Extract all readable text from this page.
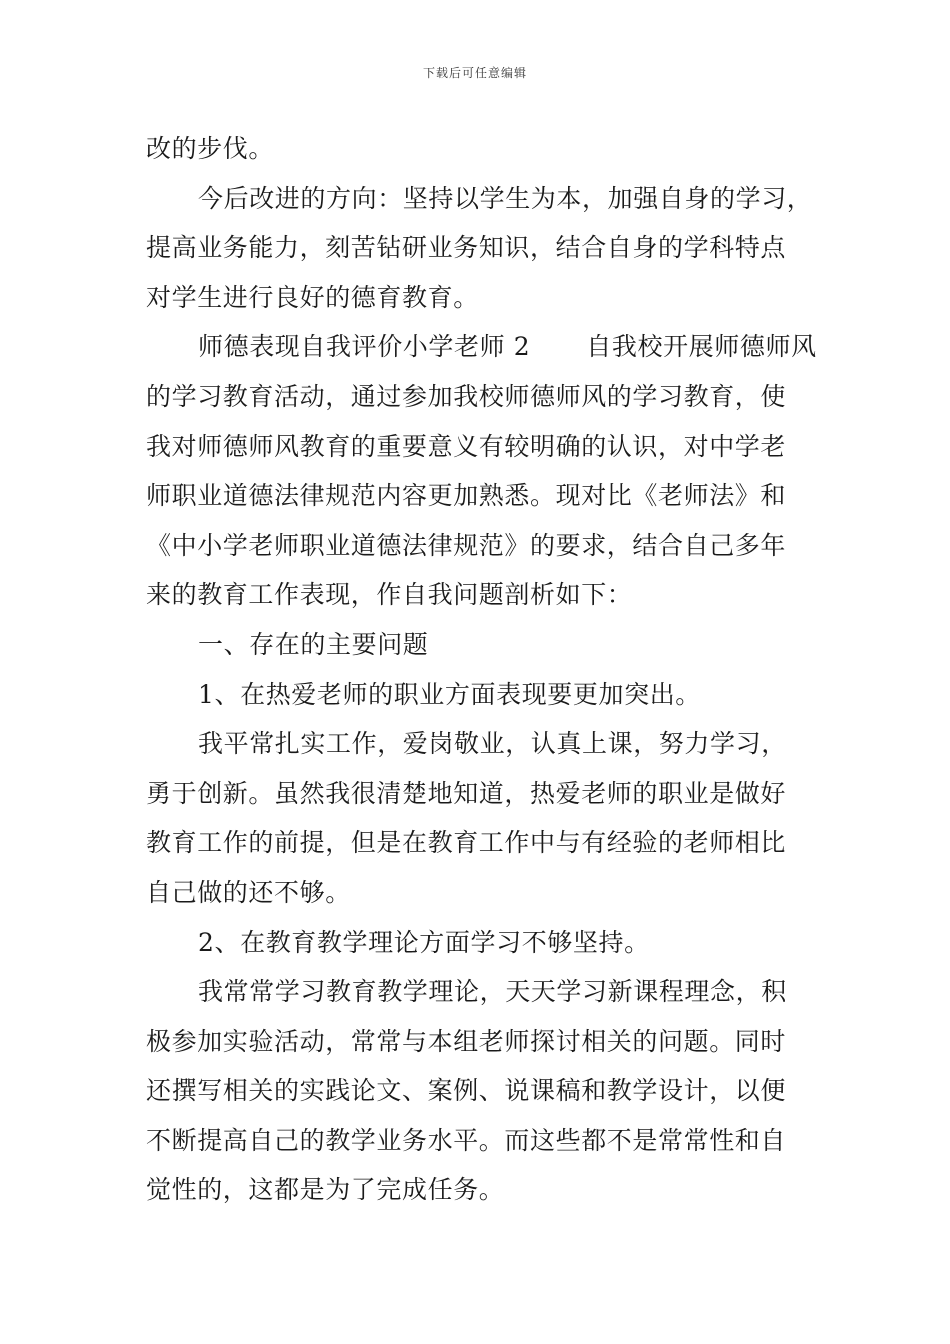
下载后可任意编辑
改的步伐。
今后改进的方向：坚持以学生为本，加强自身的学习，
提高业务能力，刻苦钻研业务知识，结合自身的学科特点
对学生进行良好的德育教育。
师德表现自我评价小学老师 2 自我校开展师德师风
的学习教育活动，通过参加我校师德师风的学习教育，使
我对师德师风教育的重要意义有较明确的认识，对中学老
师职业道德法律规范内容更加熟悉。现对比《老师法》和
《中小学老师职业道德法律规范》的要求，结合自己多年
来的教育工作表现，作自我问题剖析如下：
一、存在的主要问题
1、在热爱老师的职业方面表现要更加突出。
我平常扎实工作，爱岗敬业，认真上课，努力学习，
勇于创新。虽然我很清楚地知道，热爱老师的职业是做好
教育工作的前提，但是在教育工作中与有经验的老师相比
自己做的还不够。
2、在教育教学理论方面学习不够坚持。
我常常学习教育教学理论，天天学习新课程理念，积
极参加实验活动，常常与本组老师探讨相关的问题。同时
还撰写相关的实践论文、案例、说课稿和教学设计，以便
不断提高自己的教学业务水平。而这些都不是常常性和自
觉性的，这都是为了完成任务。
